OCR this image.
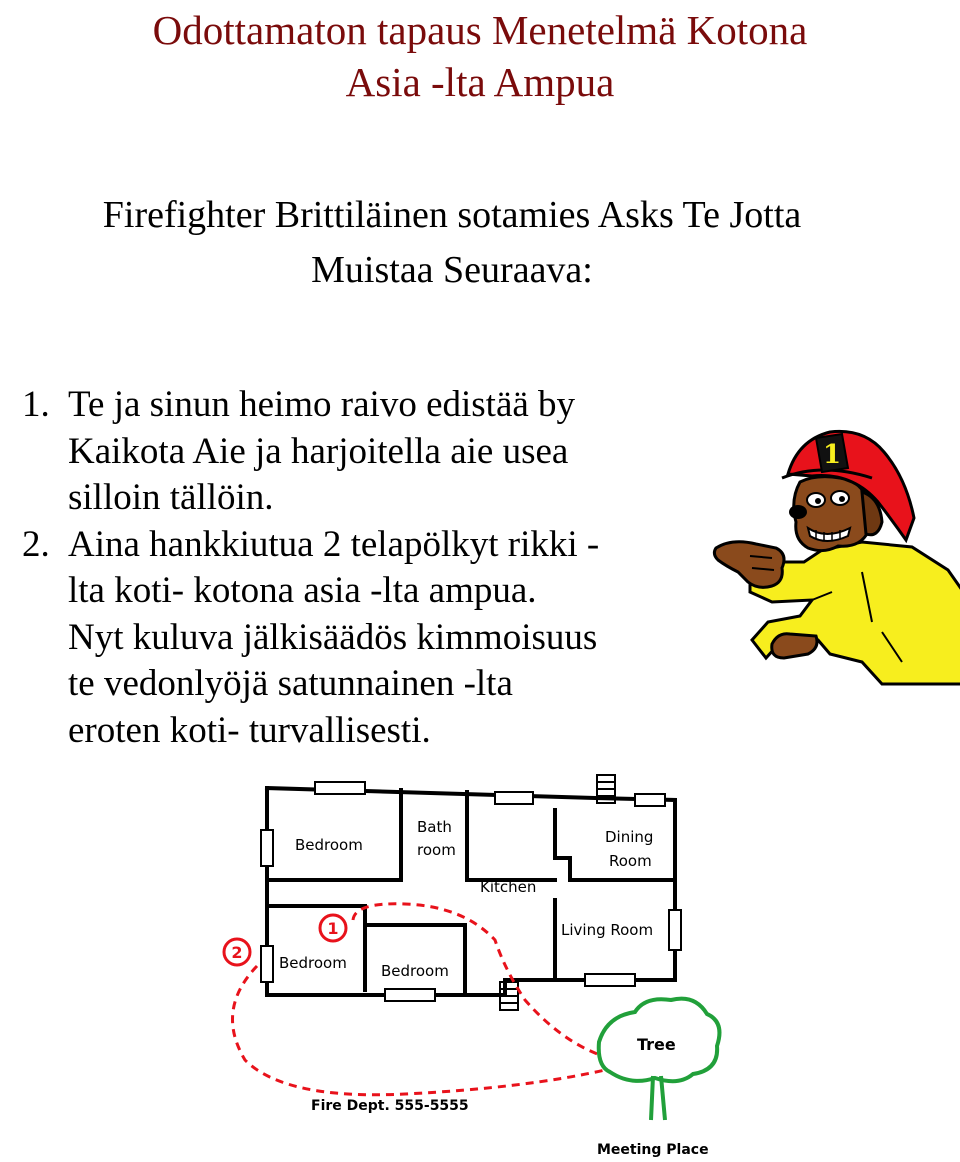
Odottamaton tapaus Menetelmä Kotona
Asia -lta Ampua
Firefighter Brittiläinen sotamies Asks Te Jotta
Muistaa Seuraava:
1. Te ja sinun heimo raivo edistää by

Kaikota Aie ja harjoitella aie usea

silloin tällöin.

2. Aina hankkiutua 2 telapölkyt rikki -

lta koti- kotona asia -lta ampua.

Nyt kuluva jälkisäädös kimmoisuus

te vedonlyöjä satunnainen -lta

eroten koti- turvallisesti.

1
Bedroom
Bath
room
Dining
Room
Kitchen
Living Room
Bedroom Bedroom
1
2
Tree
Fire Dept. 555-5555
Meeting Place
